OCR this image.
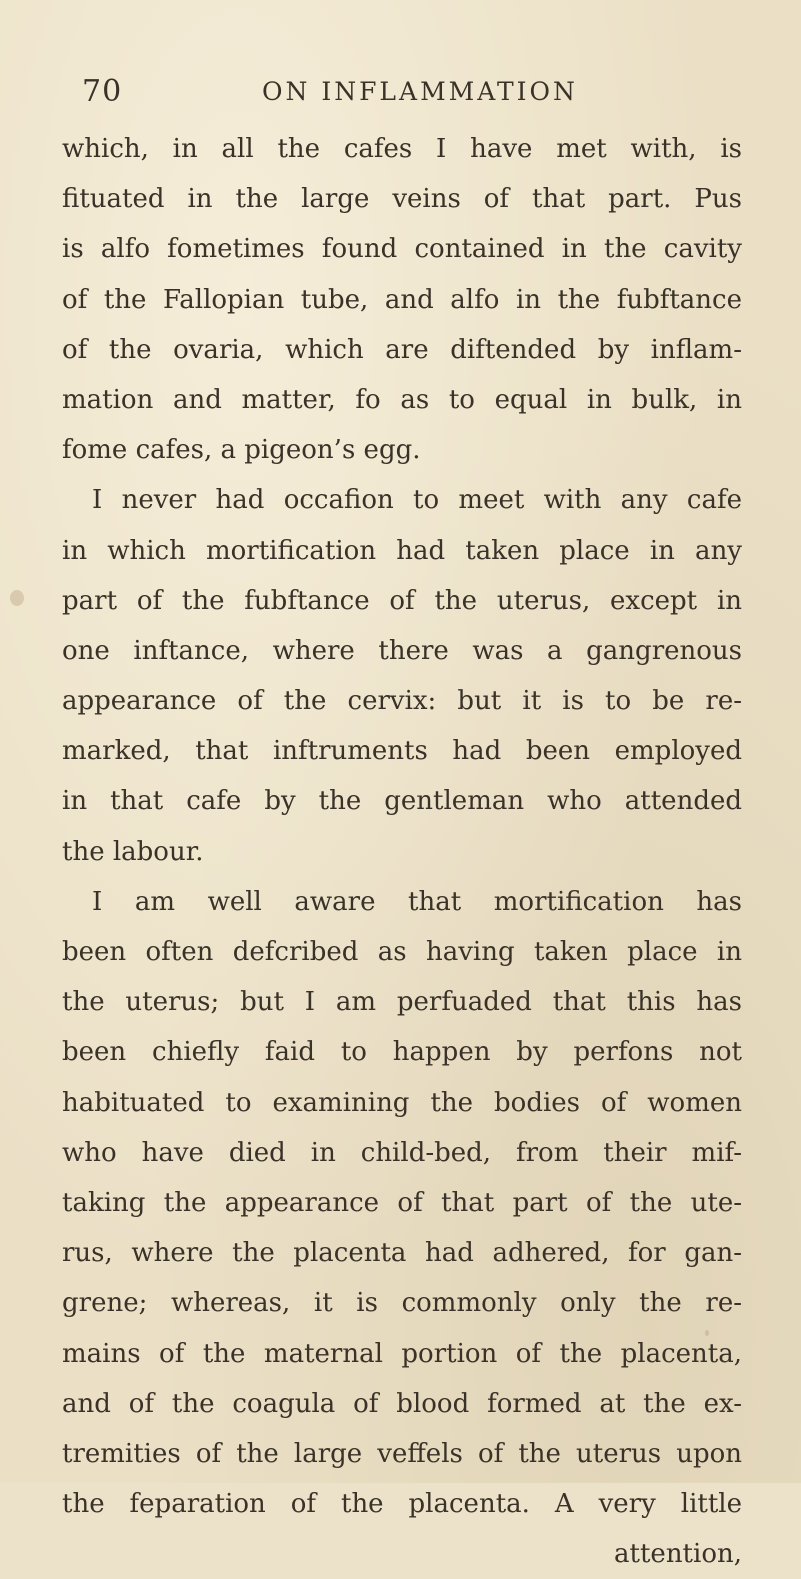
70	ON INFLAMMATION
which, in all the cafes I have met with, is
fituated in the large veins of that part. Pus
is alfo fometimes found contained in the cavity
of the Fallopian tube, and alfo in the fubftance
of the ovaria, which are diftended by inflam-
mation and matter, fo as to equal in bulk, in
fome cafes, a pigeon’s egg.
I never had occafion to meet with any cafe
in which mortification had taken place in any
part of the fubftance of the uterus, except in
one inftance, where there was a gangrenous
appearance of the cervix: but it is to be re-
marked, that inftruments had been employed
in that cafe by the gentleman who attended
the labour.
I am well aware that mortification has
been often defcribed as having taken place in
the uterus; but I am perfuaded that this has
been chiefly faid to happen by perfons not
habituated to examining the bodies of women
who have died in child-bed, from their mif-
taking the appearance of that part of the ute-
rus, where the placenta had adhered, for gan-
grene; whereas, it is commonly only the re-
mains of the maternal portion of the placenta,
and of the coagula of blood formed at the ex-
tremities of the large veffels of the uterus upon
the feparation of the placenta. A very little
attention,
